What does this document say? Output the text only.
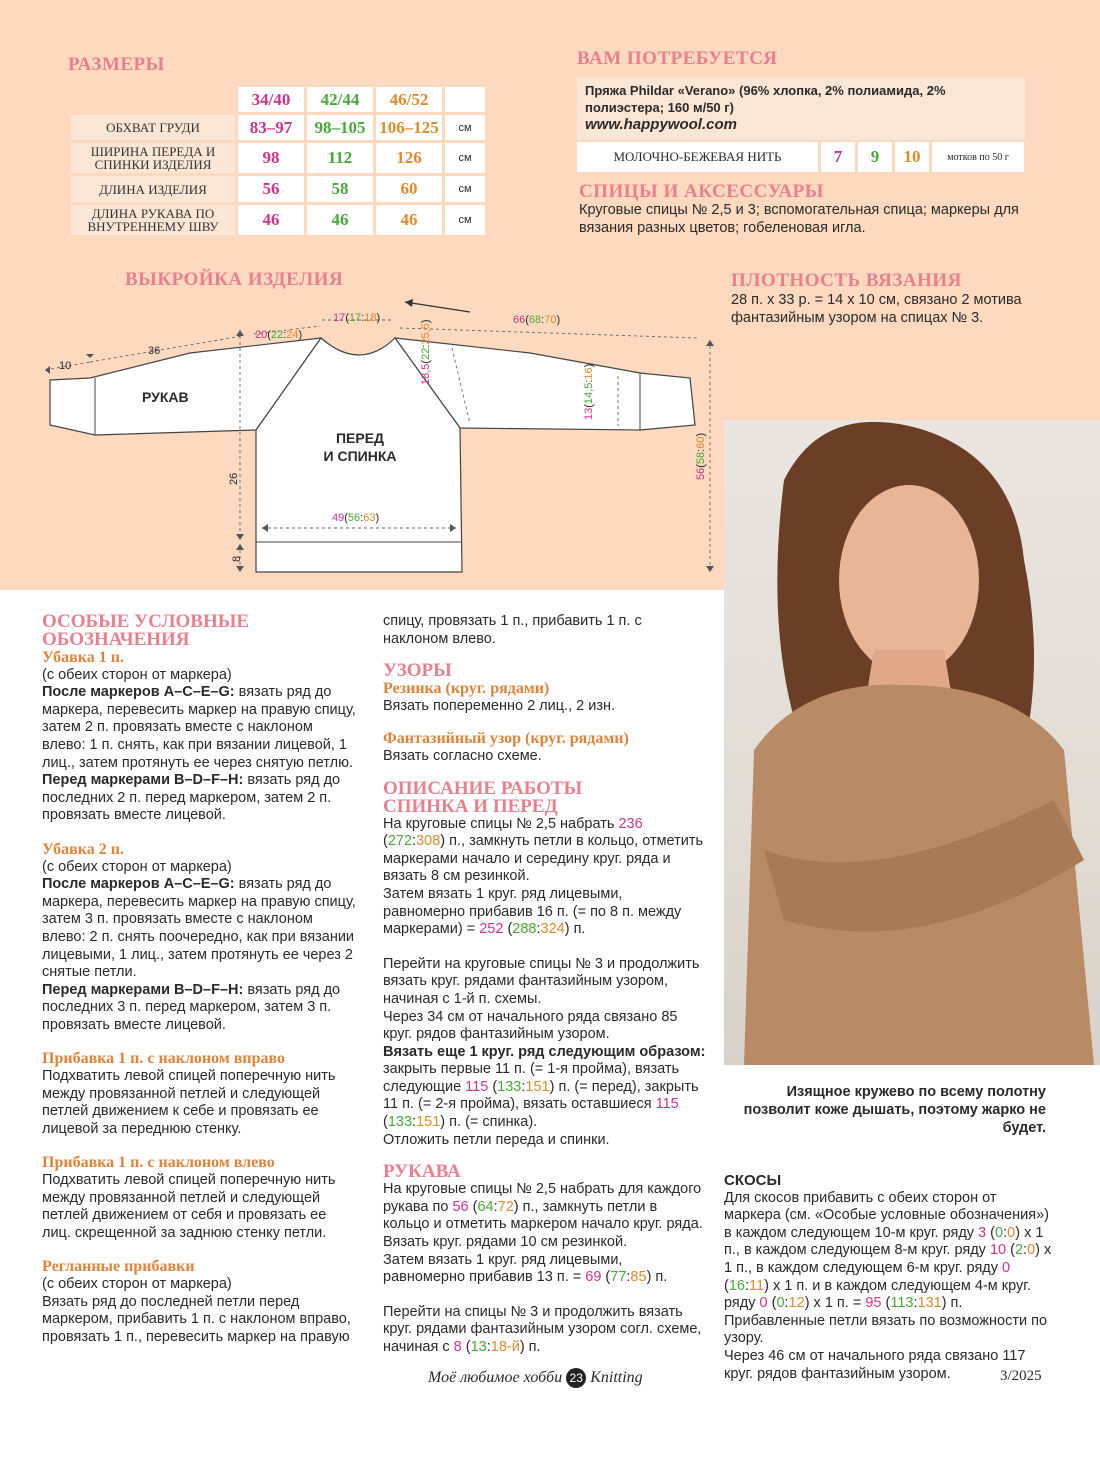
РАЗМЕРЫ
	34/40	42/44	46/52	
ОБХВАТ ГРУДИ	83–97	98–105	106–125	см
ШИРИНА ПЕРЕДА И СПИНКИ ИЗДЕЛИЯ	98	112	126	см
ДЛИНА ИЗДЕЛИЯ	56	58	60	см
ДЛИНА РУКАВА ПО ВНУТРЕННЕМУ ШВУ	46	46	46	см
ВАМ ПОТРЕБУЕТСЯ
Пряжа Phildar «Verano» (96% хлопка, 2% полиамида, 2% полиэстера; 160 м/50 г)
www.happywool.com
МОЛОЧНО-БЕЖЕВАЯ НИТЬ	7	9	10	мотков по 50 г
СПИЦЫ И АКСЕССУАРЫ
Круговые спицы № 2,5 и 3; вспомогательная спица; маркеры для вязания разных цветов; гобеленовая игла.
ПЛОТНОСТЬ ВЯЗАНИЯ
28 п. х 33 р. = 14 х 10 см, связано 2 мотива фантазийным узором на спицах № 3.
ВЫКРОЙКА ИЗДЕЛИЯ
10
36
20(22:24)
17(17:18)	66(68:70)
18,5(22:25,5)
13(14,5:16)
56(58:60)
49(56:63)
26
8
РУКАВ
ПЕРЕД
И СПИНКА
ОСОБЫЕ УСЛОВНЫЕ ОБОЗНАЧЕНИЯ
Убавка 1 п.

(с обеих сторон от маркера)

После маркеров A–C–E–G: вязать ряд до маркера, перевесить маркер на правую спицу, затем 2 п. провязать вместе с наклоном влево: 1 п. снять, как при вязании лицевой, 1 лиц., затем протянуть ее через снятую петлю.

Перед маркерами B–D–F–H: вязать ряд до последних 2 п. перед маркером, затем 2 п. провязать вместе лицевой.

Убавка 2 п.

(с обеих сторон от маркера)

После маркеров A–C–E–G: вязать ряд до маркера, перевесить маркер на правую спицу, затем 3 п. провязать вместе с наклоном влево: 2 п. снять поочередно, как при вязании лицевыми, 1 лиц., затем протянуть ее через 2 снятые петли.

Перед маркерами B–D–F–H: вязать ряд до последних 3 п. перед маркером, затем 3 п. провязать вместе лицевой.

Прибавка 1 п. с наклоном вправо

Подхватить левой спицей поперечную нить между провязанной петлей и следующей петлей движением к себе и провязать ее лицевой за переднюю стенку.

Прибавка 1 п. с наклоном влево

Подхватить левой спицей поперечную нить между провязанной петлей и следующей петлей движением от себя и провязать ее лиц. скрещенной за заднюю стенку петли.

Регланные прибавки

(с обеих сторон от маркера)

Вязать ряд до последней петли перед маркером, прибавить 1 п. с наклоном вправо, провязать 1 п., перевесить маркер на правую

спицу, провязать 1 п., прибавить 1 п. с наклоном влево.

УЗОРЫ
Резинка (круг. рядами)

Вязать попеременно 2 лиц., 2 изн.

Фантазийный узор (круг. рядами)

Вязать согласно схеме.

ОПИСАНИЕ РАБОТЫ
СПИНКА И ПЕРЕД

На круговые спицы № 2,5 набрать 236 (272:308) п., замкнуть петли в кольцо, отметить маркерами начало и середину круг. ряда и вязать 8 см резинкой.

Затем вязать 1 круг. ряд лицевыми, равномерно прибавив 16 п. (= по 8 п. между маркерами) = 252 (288:324) п.

Перейти на круговые спицы № 3 и продолжить вязать круг. рядами фантазийным узором, начиная с 1-й п. схемы.

Через 34 см от начального ряда связано 85 круг. рядов фантазийным узором.

Вязать еще 1 круг. ряд следующим образом: закрыть первые 11 п. (= 1-я пройма), вязать следующие 115 (133:151) п. (= перед), закрыть 11 п. (= 2-я пройма), вязать оставшиеся 115 (133:151) п. (= спинка).

Отложить петли переда и спинки.

РУКАВА

На круговые спицы № 2,5 набрать для каждого рукава по 56 (64:72) п., замкнуть петли в кольцо и отметить маркером начало круг. ряда. Вязать круг. рядами 10 см резинкой.

Затем вязать 1 круг. ряд лицевыми, равномерно прибавив 13 п. = 69 (77:85) п.

Перейти на спицы № 3 и продолжить вязать круг. рядами фантазийным узором согл. схеме, начиная с 8 (13:18-й) п.

Изящное кружево по всему полотну позволит коже дышать, поэтому жарко не будет.
СКОСЫ

Для скосов прибавить с обеих сторон от маркера (см. «Особые условные обозначения») в каждом следующем 10-м круг. ряду 3 (0:0) х 1 п., в каждом следующем 8-м круг. ряду 10 (2:0) х 1 п., в каждом следующем 6-м круг. ряду 0 (16:11) х 1 п. и в каждом следующем 4-м круг. ряду 0 (0:12) х 1 п. = 95 (113:131) п.

Прибавленные петли вязать по возможности по узору.

Через 46 см от начального ряда связано 117 круг. рядов фантазийным узором.

Моё любимое хобби 23 Knitting	3/2025
